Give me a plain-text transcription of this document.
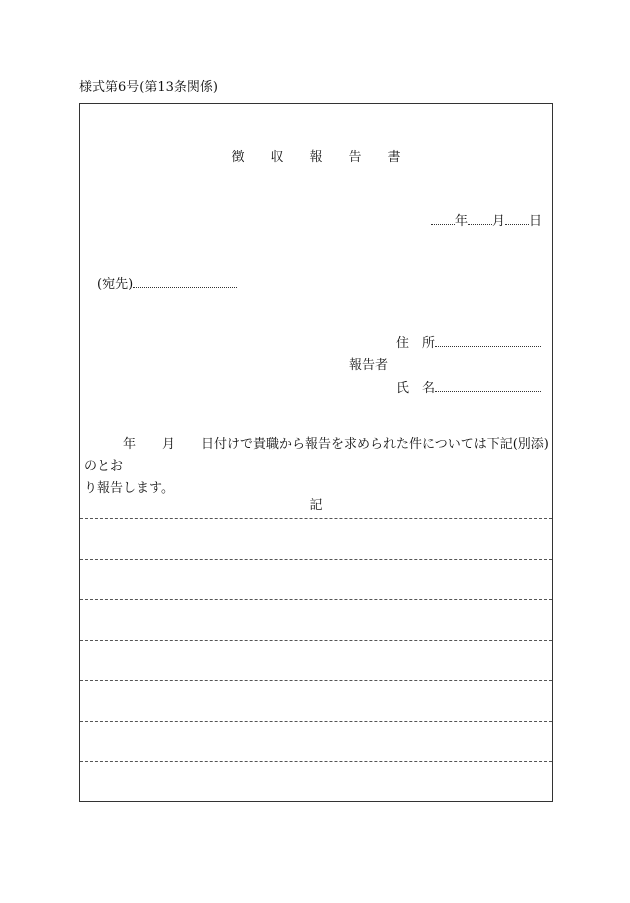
様式第6号(第13条関係)
徴　　収　　報　　告　　書
年 月 日
(宛先)
住　所
報告者
氏　名
　　　年　　月　　日付けで貴職から報告を求められた件については下記(別添)のとお
り報告します。
記
